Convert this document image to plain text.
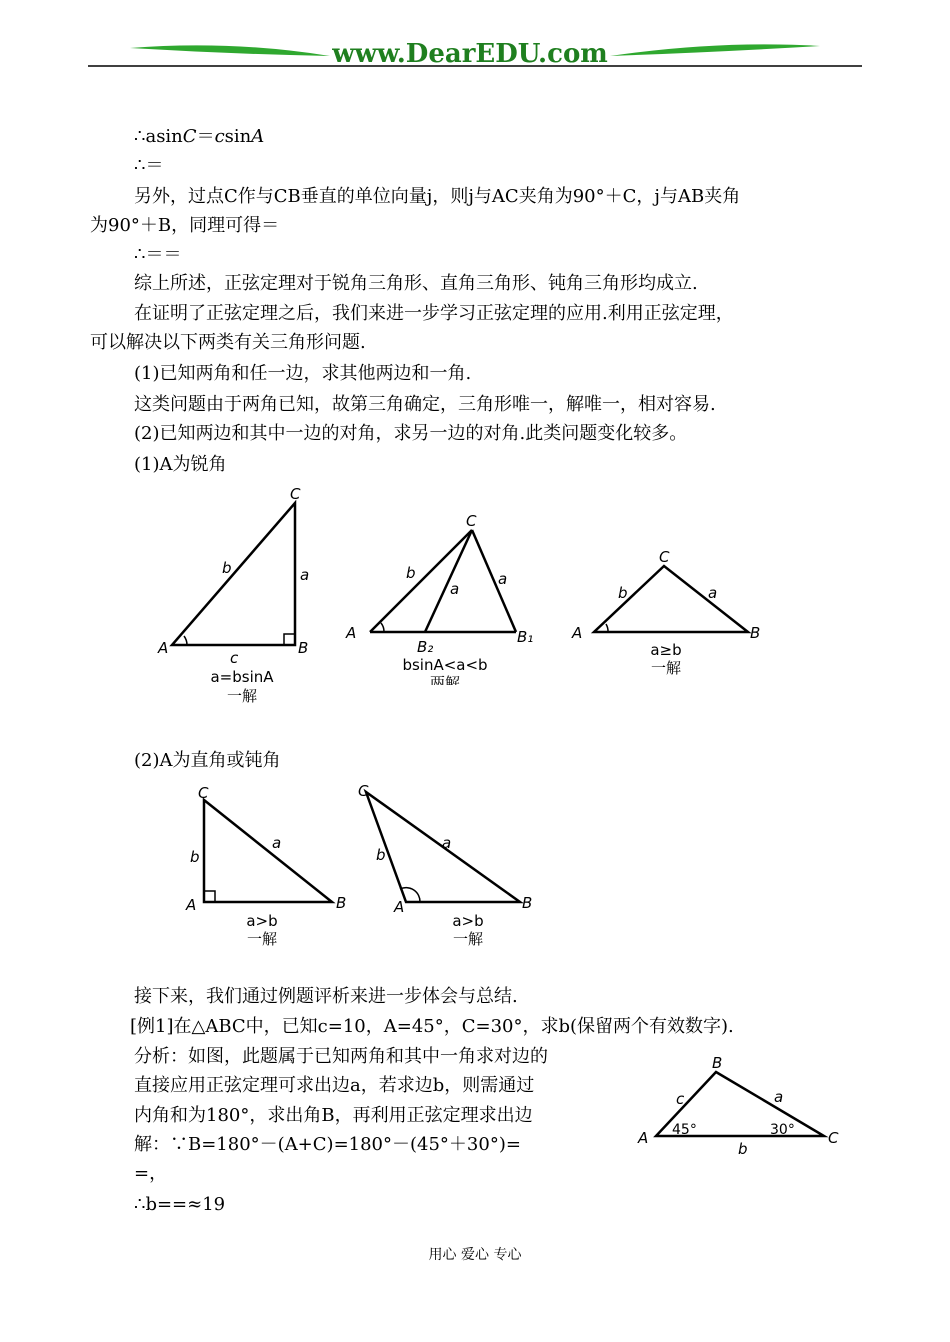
www.DearEDU.com
∴asinC＝csinA
∴＝
另外，过点C作与CB垂直的单位向量j，则j与AC夹角为90°＋C，j与AB夹角
为90°＋B，同理可得＝
∴＝＝
综上所述，正弦定理对于锐角三角形、直角三角形、钝角三角形均成立.
在证明了正弦定理之后，我们来进一步学习正弦定理的应用.利用正弦定理，
可以解决以下两类有关三角形问题.
(1)已知两角和任一边，求其他两边和一角.
这类问题由于两角已知，故第三角确定，三角形唯一，解唯一，相对容易.
(2)已知两边和其中一边的对角，求另一边的对角.此类问题变化较多。
(1)A为锐角
A	B
C
a
b
c
a=bsinA
一解
A
B₂
B₁
C
b
a
a
bsinA<a<b
两解
A	B
C
b	a
a≥b
一解
(2)A为直角或钝角
A	B
C
b
a
a>b
一解
A	B
C
b
a
a>b
一解
接下来，我们通过例题评析来进一步体会与总结.
[例1]在△ABC中，已知c=10，A=45°，C=30°，求b(保留两个有效数字).
分析：如图，此题属于已知两角和其中一角求对边的
直接应用正弦定理可求出边a，若求边b，则需通过
内角和为180°，求出角B，再利用正弦定理求出边
解：∵B=180°－(A+C)=180°－(45°＋30°)=
=，
∴b==≈19
A	C
B
c	a
b
45°	30°
用心 爱心 专心
